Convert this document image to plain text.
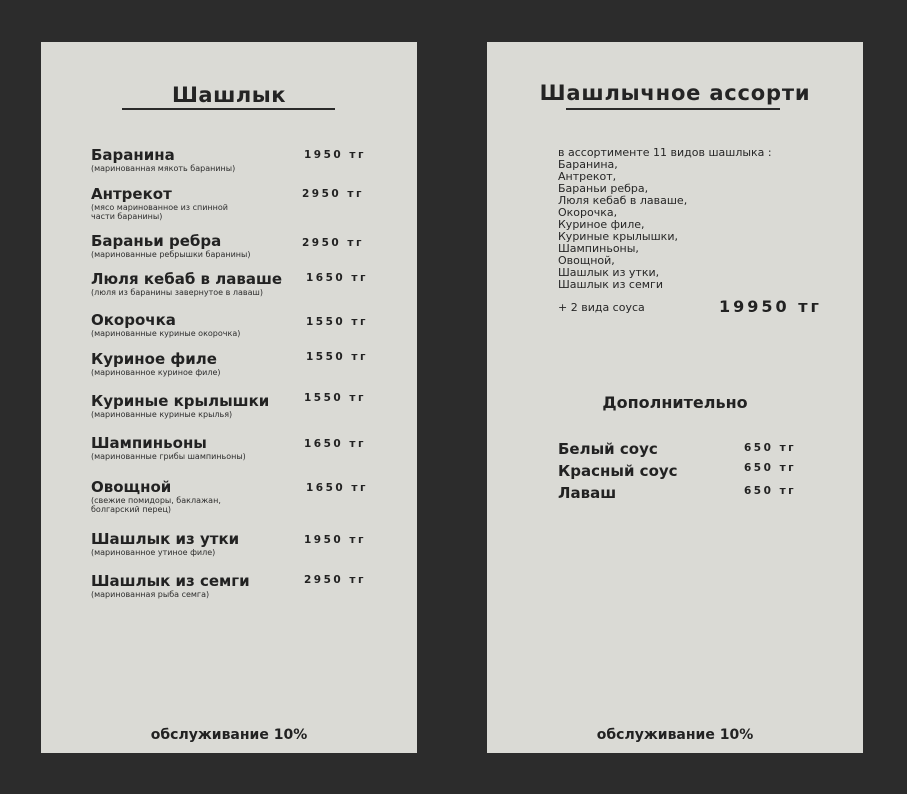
Шашлык
Баранина
(маринованная мякоть баранины)
1950 тг
Антрекот
(мясо маринованное из спинной части баранины)
2950 тг
Бараньи ребра
(маринованные ребрышки баранины)
2950 тг
Люля кебаб в лаваше
(люля из баранины завернутое в лаваш)
1650 тг
Окорочка
(маринованные куриные окорочка)
1550 тг
Куриное филе
(маринованное куриное филе)
1550 тг
Куриные крылышки
(маринованные куриные крылья)
1550 тг
Шампиньоны
(маринованные грибы шампиньоны)
1650 тг
Овощной
(свежие помидоры, баклажан, болгарский перец)
1650 тг
Шашлык из утки
(маринованное утиное филе)
1950 тг
Шашлык из семги
(маринованная рыба семга)
2950 тг
обслуживание 10%
Шашлычное ассорти
в ассортименте 11 видов шашлыка :
Баранина,
Антрекот,
Бараньи ребра,
Люля кебаб в лаваше,
Окорочка,
Куриное филе,
Куриные крылышки,
Шампиньоны,
Овощной,
Шашлык из утки,
Шашлык из семги
+ 2 вида соуса	19950 тг
Дополнительно
Белый соус	650 тг
Красный соус	650 тг
Лаваш	650 тг
обслуживание 10%
